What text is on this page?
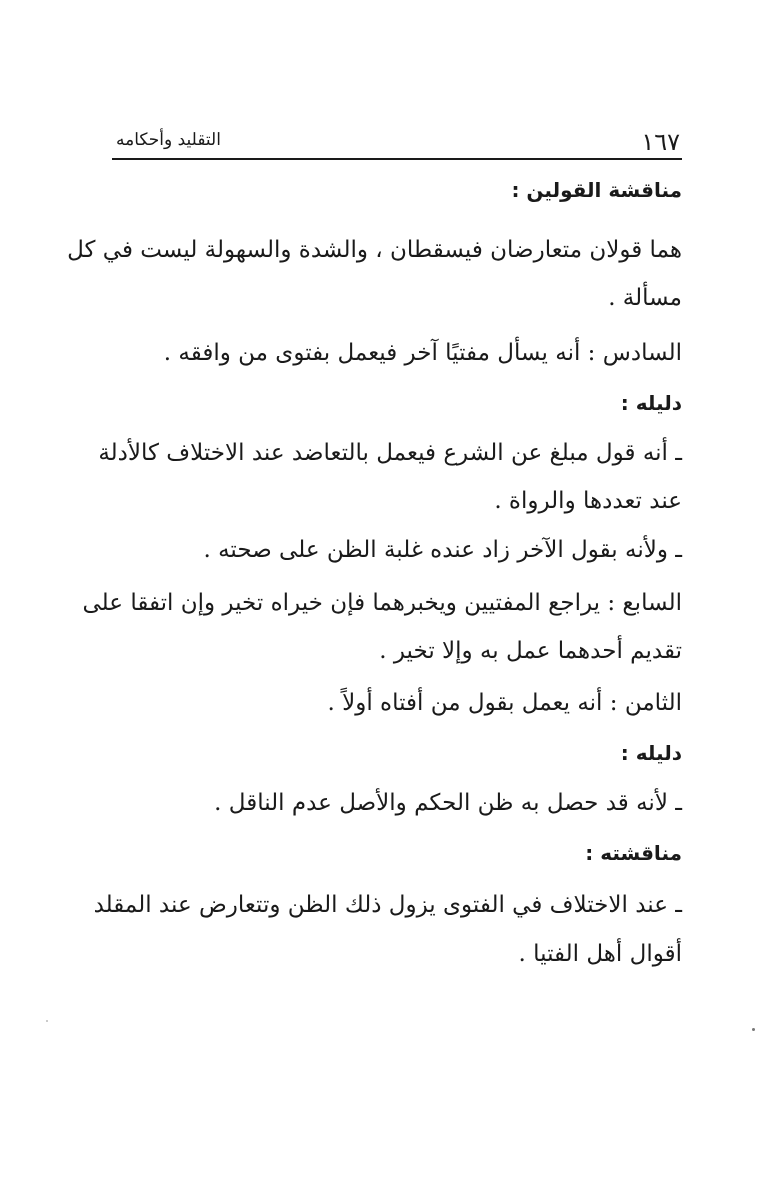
١٦٧
التقليد وأحكامه
مناقشة القولين :
هما قولان متعارضان فيسقطان ، والشدة والسهولة ليست في كل
مسألة .
السادس : أنه يسأل مفتيًا آخر فيعمل بفتوى من وافقه .
دليله :
ـ أنه قول مبلغ عن الشرع فيعمل بالتعاضد عند الاختلاف كالأدلة
عند تعددها والرواة .
ـ ولأنه بقول الآخر زاد عنده غلبة الظن على صحته .
السابع : يراجع المفتيين ويخبرهما فإن خيراه تخير وإن اتفقا على
تقديم أحدهما عمل به وإلا تخير .
الثامن : أنه يعمل بقول من أفتاه أولاً .
دليله :
ـ لأنه قد حصل به ظن الحكم والأصل عدم الناقل .
مناقشته :
ـ عند الاختلاف في الفتوى يزول ذلك الظن وتتعارض عند المقلد
أقوال أهل الفتيا .
